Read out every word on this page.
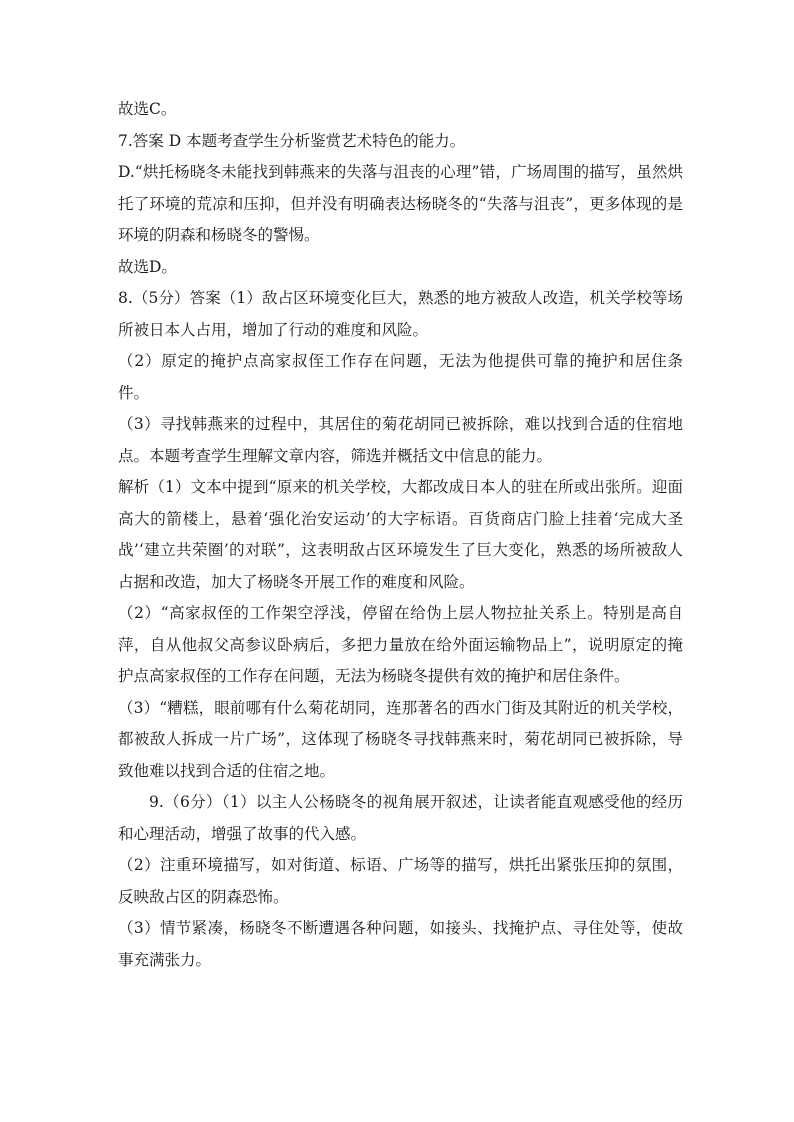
故选C。

7.答案 D 本题考查学生分析鉴赏艺术特色的能力。

D.“烘托杨晓冬未能找到韩燕来的失落与沮丧的心理”错，广场周围的描写，虽然烘托了环境的荒凉和压抑，但并没有明确表达杨晓冬的“失落与沮丧”，更多体现的是环境的阴森和杨晓冬的警惕。

故选D。

8.（5分）答案（1）敌占区环境变化巨大，熟悉的地方被敌人改造，机关学校等场所被日本人占用，增加了行动的难度和风险。

（2）原定的掩护点高家叔侄工作存在问题，无法为他提供可靠的掩护和居住条件。

（3）寻找韩燕来的过程中，其居住的菊花胡同已被拆除，难以找到合适的住宿地点。本题考查学生理解文章内容，筛选并概括文中信息的能力。

解析（1）文本中提到“原来的机关学校，大都改成日本人的驻在所或出张所。迎面高大的箭楼上，悬着‘强化治安运动’的大字标语。百货商店门脸上挂着‘完成大圣战’‘建立共荣圈’的对联”，这表明敌占区环境发生了巨大变化，熟悉的场所被敌人占据和改造，加大了杨晓冬开展工作的难度和风险。

（2）“高家叔侄的工作架空浮浅，停留在给伪上层人物拉扯关系上。特别是高自萍，自从他叔父高参议卧病后，多把力量放在给外面运输物品上”，说明原定的掩护点高家叔侄的工作存在问题，无法为杨晓冬提供有效的掩护和居住条件。

（3）“糟糕，眼前哪有什么菊花胡同，连那著名的西水门街及其附近的机关学校，都被敌人拆成一片广场”，这体现了杨晓冬寻找韩燕来时，菊花胡同已被拆除，导致他难以找到合适的住宿之地。

9.（6分）（1）以主人公杨晓冬的视角展开叙述，让读者能直观感受他的经历和心理活动，增强了故事的代入感。

（2）注重环境描写，如对街道、标语、广场等的描写，烘托出紧张压抑的氛围，反映敌占区的阴森恐怖。

（3）情节紧凑，杨晓冬不断遭遇各种问题，如接头、找掩护点、寻住处等，使故事充满张力。
